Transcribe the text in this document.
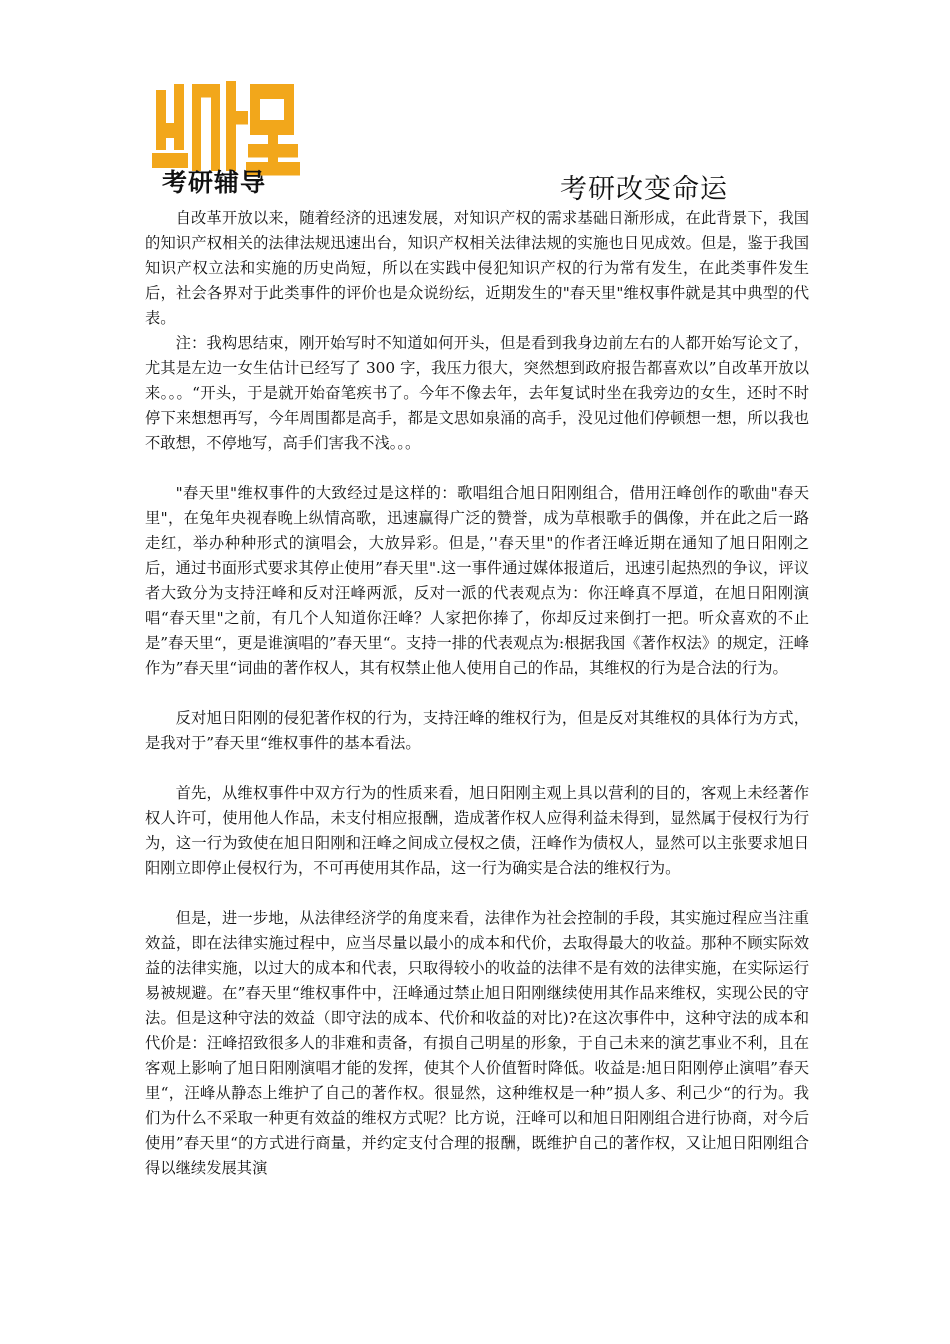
考研辅导	考研改变命运

自改革开放以来，随着经济的迅速发展，对知识产权的需求基础日渐形成，在此背景下，我国的知识产权相关的法律法规迅速出台，知识产权相关法律法规的实施也日见成效。但是，鉴于我国知识产权立法和实施的历史尚短，所以在实践中侵犯知识产权的行为常有发生，在此类事件发生后，社会各界对于此类事件的评价也是众说纷纭，近期发生的"春天里"维权事件就是其中典型的代表。

注：我构思结束，刚开始写时不知道如何开头，但是看到我身边前左右的人都开始写论文了，尤其是左边一女生估计已经写了 300 字，我压力很大，突然想到政府报告都喜欢以”自改革开放以来。。。“开头，于是就开始奋笔疾书了。今年不像去年，去年复试时坐在我旁边的女生，还时不时停下来想想再写，今年周围都是高手，都是文思如泉涌的高手，没见过他们停顿想一想，所以我也不敢想，不停地写，高手们害我不浅。。。

"春天里"维权事件的大致经过是这样的：歌唱组合旭日阳刚组合，借用汪峰创作的歌曲"春天里"，在兔年央视春晚上纵情高歌，迅速赢得广泛的赞誉，成为草根歌手的偶像，并在此之后一路走红，举办种种形式的演唱会，大放异彩。但是，’'春天里"的作者汪峰近期在通知了旭日阳刚之后，通过书面形式要求其停止使用”春天里".这一事件通过媒体报道后，迅速引起热烈的争议，评议者大致分为支持汪峰和反对汪峰两派，反对一派的代表观点为：你汪峰真不厚道，在旭日阳刚演唱“春天里"之前，有几个人知道你汪峰？人家把你捧了，你却反过来倒打一把。听众喜欢的不止是”春天里“，更是谁演唱的”春天里“。支持一排的代表观点为:根据我国《著作权法》的规定，汪峰作为”春天里“词曲的著作权人，其有权禁止他人使用自己的作品，其维权的行为是合法的行为。

反对旭日阳刚的侵犯著作权的行为，支持汪峰的维权行为，但是反对其维权的具体行为方式，是我对于”春天里“维权事件的基本看法。

首先，从维权事件中双方行为的性质来看，旭日阳刚主观上具以营利的目的，客观上未经著作权人许可，使用他人作品，未支付相应报酬，造成著作权人应得利益未得到，显然属于侵权行为行为，这一行为致使在旭日阳刚和汪峰之间成立侵权之债，汪峰作为债权人，显然可以主张要求旭日阳刚立即停止侵权行为，不可再使用其作品，这一行为确实是合法的维权行为。

但是，进一步地，从法律经济学的角度来看，法律作为社会控制的手段，其实施过程应当注重效益，即在法律实施过程中，应当尽量以最小的成本和代价，去取得最大的收益。那种不顾实际效益的法律实施，以过大的成本和代表，只取得较小的收益的法律不是有效的法律实施，在实际运行易被规避。在”春天里“维权事件中，汪峰通过禁止旭日阳刚继续使用其作品来维权，实现公民的守法。但是这种守法的效益（即守法的成本、代价和收益的对比)?在这次事件中，这种守法的成本和代价是：汪峰招致很多人的非难和责备，有损自己明星的形象，于自己未来的演艺事业不利，且在客观上影响了旭日阳刚演唱才能的发挥，使其个人价值暂时降低。收益是:旭日阳刚停止演唱”春天里“，汪峰从静态上维护了自己的著作权。很显然，这种维权是一种”损人多、利己少“的行为。我们为什么不采取一种更有效益的维权方式呢？比方说，汪峰可以和旭日阳刚组合进行协商，对今后使用”春天里“的方式进行商量，并约定支付合理的报酬，既维护自己的著作权，又让旭日阳刚组合得以继续发展其演
